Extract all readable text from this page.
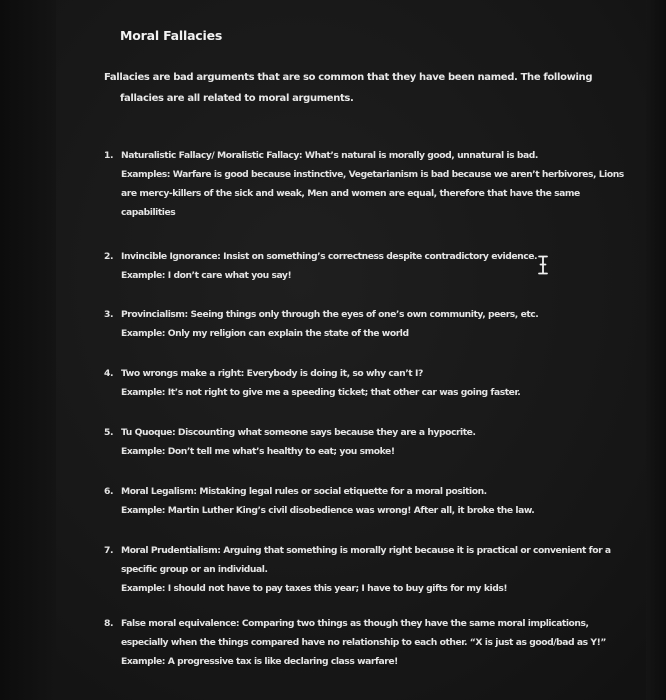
Moral Fallacies
Fallacies are bad arguments that are so common that they have been named. The following
fallacies are all related to moral arguments.
1. Naturalistic Fallacy/ Moralistic Fallacy: What’s natural is morally good, unnatural is bad.
Examples: Warfare is good because instinctive, Vegetarianism is bad because we aren’t herbivores, Lions
are mercy-killers of the sick and weak, Men and women are equal, therefore that have the same
capabilities
2. Invincible Ignorance: Insist on something’s correctness despite contradictory evidence.
Example: I don’t care what you say!
3. Provincialism: Seeing things only through the eyes of one’s own community, peers, etc.
Example: Only my religion can explain the state of the world
4. Two wrongs make a right: Everybody is doing it, so why can’t I?
Example: It’s not right to give me a speeding ticket; that other car was going faster.
5. Tu Quoque: Discounting what someone says because they are a hypocrite.
Example: Don’t tell me what’s healthy to eat; you smoke!
6. Moral Legalism: Mistaking legal rules or social etiquette for a moral position.
Example: Martin Luther King’s civil disobedience was wrong! After all, it broke the law.
7. Moral Prudentialism: Arguing that something is morally right because it is practical or convenient for a
specific group or an individual.
Example: I should not have to pay taxes this year; I have to buy gifts for my kids!
8. False moral equivalence: Comparing two things as though they have the same moral implications,
especially when the things compared have no relationship to each other. “X is just as good/bad as Y!”
Example: A progressive tax is like declaring class warfare!
